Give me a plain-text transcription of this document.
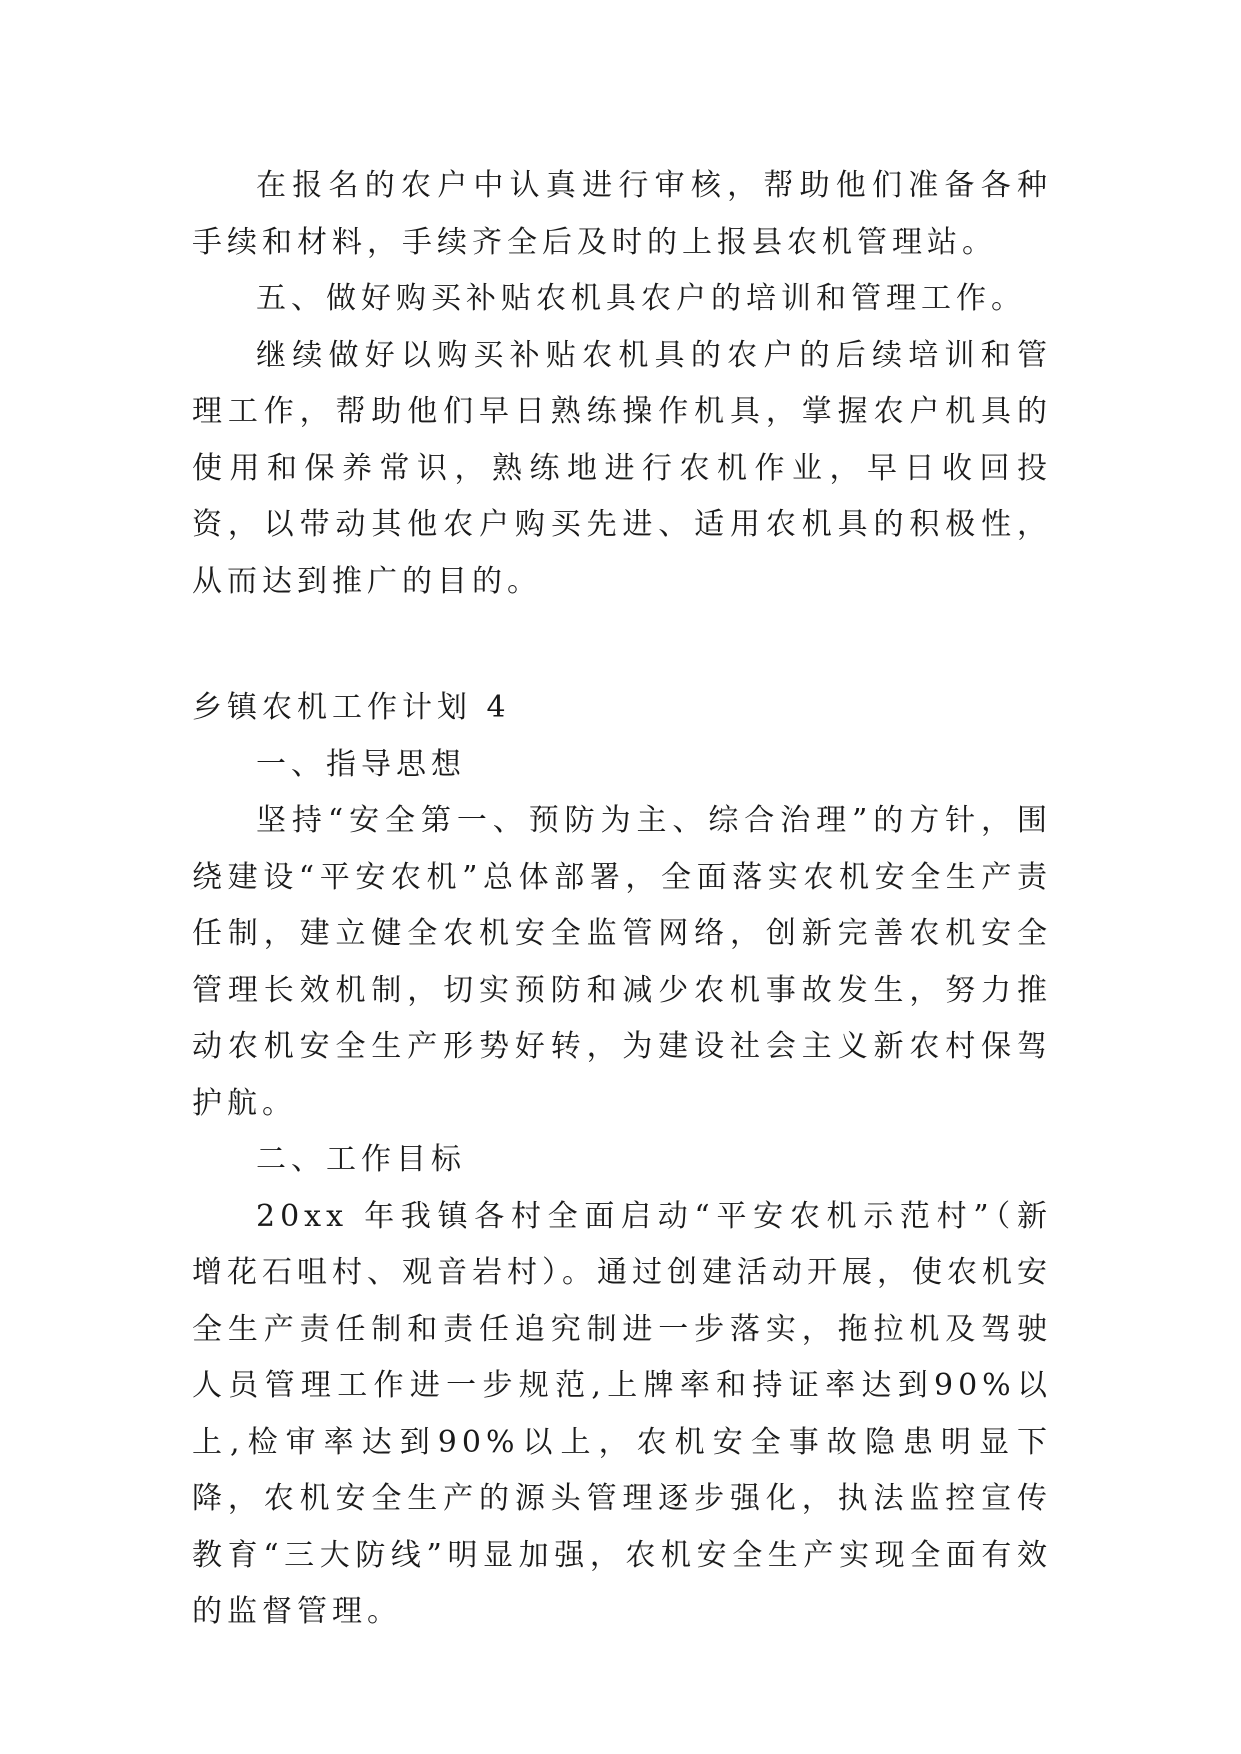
在报名的农户中认真进行审核，帮助他们准备各种手续和材料，手续齐全后及时的上报县农机管理站。

五、做好购买补贴农机具农户的培训和管理工作。

继续做好以购买补贴农机具的农户的后续培训和管理工作，帮助他们早日熟练操作机具，掌握农户机具的使用和保养常识，熟练地进行农机作业，早日收回投资，以带动其他农户购买先进、适用农机具的积极性，从而达到推广的目的。

乡镇农机工作计划 4

一、指导思想

坚持“安全第一、预防为主、综合治理”的方针，围绕建设“平安农机”总体部署，全面落实农机安全生产责任制，建立健全农机安全监管网络，创新完善农机安全管理长效机制，切实预防和减少农机事故发生，努力推动农机安全生产形势好转，为建设社会主义新农村保驾护航。

二、工作目标

20xx 年我镇各村全面启动“平安农机示范村”（新增花石咀村、观音岩村）。通过创建活动开展，使农机安全生产责任制和责任追究制进一步落实，拖拉机及驾驶人员管理工作进一步规范,上牌率和持证率达到90%以上,检审率达到90%以上，农机安全事故隐患明显下降，农机安全生产的源头管理逐步强化，执法监控宣传教育“三大防线”明显加强，农机安全生产实现全面有效的监督管理。
